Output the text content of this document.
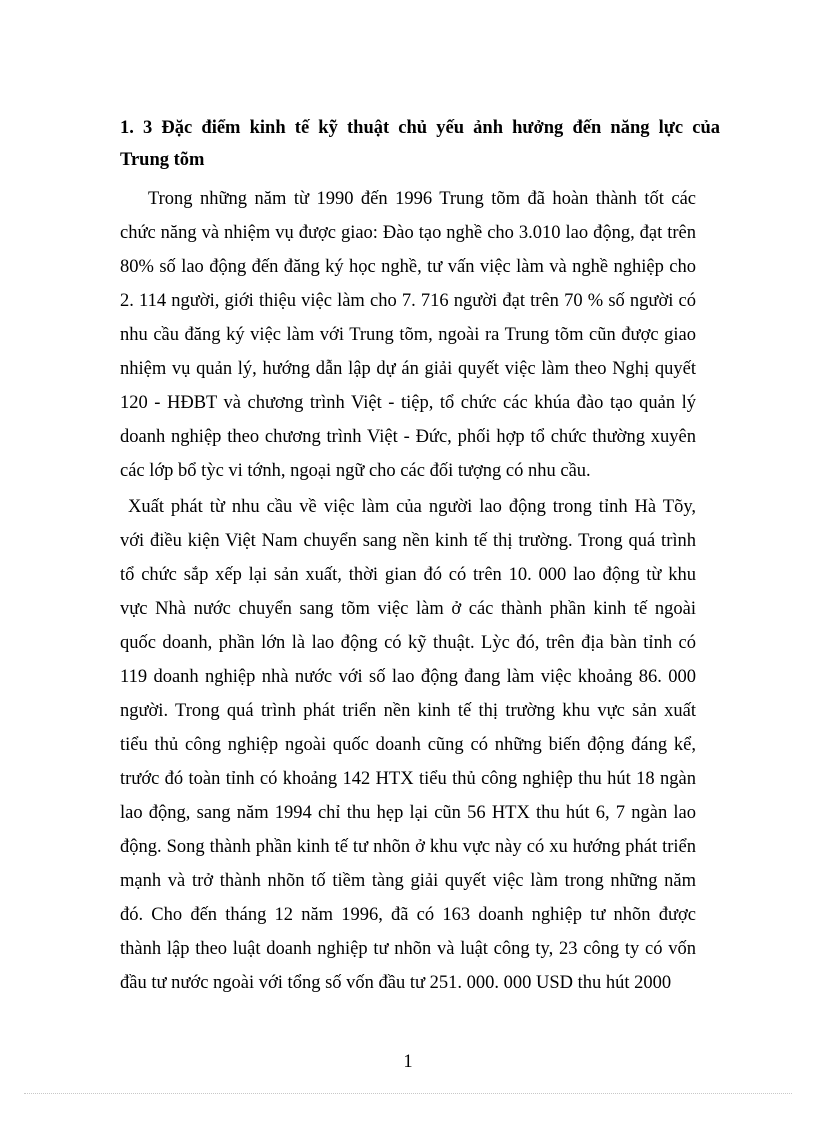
1. 3 Đặc điểm kinh tế kỹ thuật chủ yếu ảnh hưởng đến năng lực của
Trung tõm
Trong những năm từ 1990 đến 1996 Trung tõm đã hoàn thành tốt các
chức năng và nhiệm vụ được giao: Đào tạo nghề cho 3.010 lao động, đạt trên
80% số lao động đến đăng ký học nghề, tư vấn việc làm và nghề nghiệp cho
2. 114 người, giới thiệu việc làm cho 7. 716 người đạt trên 70 % số người có
nhu cầu đăng ký việc làm với Trung tõm, ngoài ra Trung tõm cũn được giao
nhiệm vụ quản lý, hướng dẫn lập dự án giải quyết việc làm theo Nghị quyết
120 - HĐBT và chương trình Việt - tiệp, tổ chức các khúa đào tạo quản lý
doanh nghiệp theo chương trình Việt - Đức, phối hợp tổ chức thường xuyên
các lớp bổ tỳc vi tớnh, ngoại ngữ cho các đối tượng có nhu cầu.
Xuất phát từ nhu cầu về việc làm của người lao động trong tỉnh Hà Tõy,
với điều kiện Việt Nam chuyển sang nền kinh tế thị trường. Trong quá trình
tổ chức sắp xếp lại sản xuất, thời gian đó có trên 10. 000 lao động từ khu
vực Nhà nước chuyển sang tõm việc làm ở các thành phần kinh tế ngoài
quốc doanh, phần lớn là lao động có kỹ thuật. Lỳc đó, trên địa bàn tỉnh có
119 doanh nghiệp nhà nước với số lao động đang làm việc khoảng 86. 000
người. Trong quá trình phát triển nền kinh tế thị trường khu vực sản xuất
tiểu thủ công nghiệp ngoài quốc doanh cũng có những biến động đáng kể,
trước đó toàn tỉnh có khoảng 142 HTX tiểu thủ công nghiệp thu hút 18 ngàn
lao động, sang năm 1994 chỉ thu hẹp lại cũn 56 HTX thu hút 6, 7 ngàn lao
động. Song thành phần kinh tế tư nhõn ở khu vực này có xu hướng phát triển
mạnh và trở thành nhõn tố tiềm tàng giải quyết việc làm trong những năm
đó. Cho đến tháng 12 năm 1996, đã có 163 doanh nghiệp tư nhõn được
thành lập theo luật doanh nghiệp tư nhõn và luật công ty, 23 công ty có vốn
đầu tư nước ngoài với tổng số vốn đầu tư 251. 000. 000 USD thu hút 2000
1
